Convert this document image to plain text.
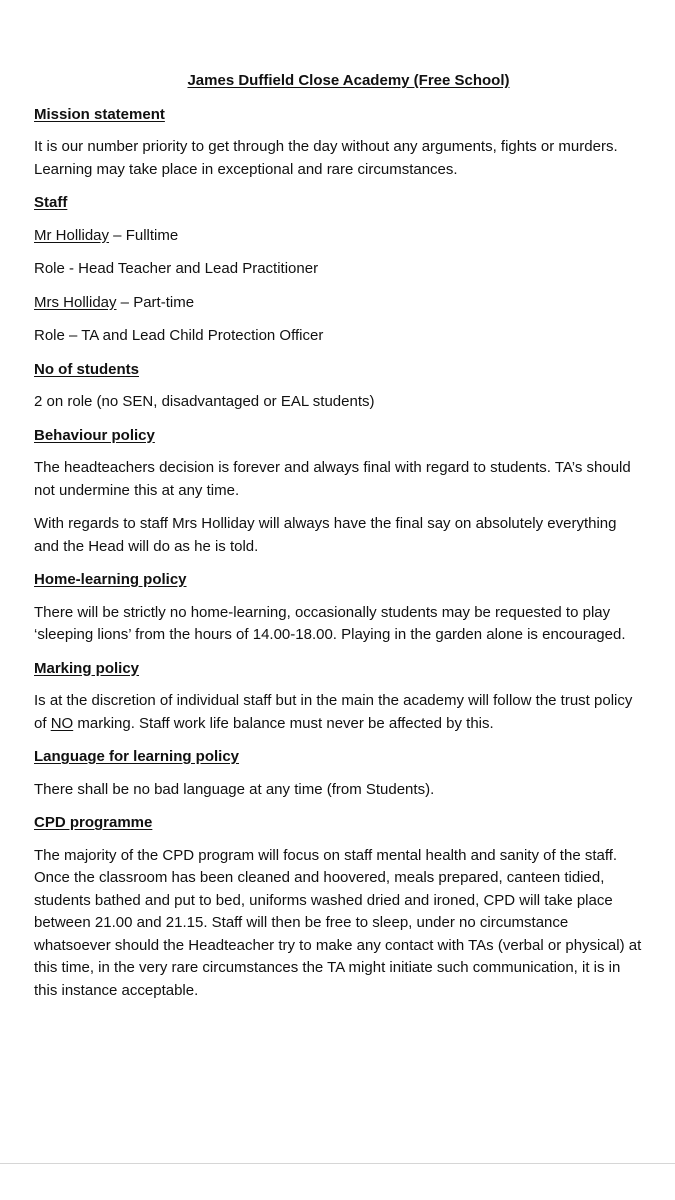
James Duffield Close Academy (Free School)
Mission statement
It is our number priority to get through the day without any arguments, fights or murders.
Learning may take place in exceptional and rare circumstances.
Staff
Mr Holliday – Fulltime
Role - Head Teacher and Lead Practitioner
Mrs Holliday – Part-time
Role – TA and Lead Child Protection Officer
No of students
2 on role (no SEN, disadvantaged or EAL students)
Behaviour policy
The headteachers decision is forever and always final with regard to students. TA’s should
not undermine this at any time.
With regards to staff Mrs Holliday will always have the final say on absolutely everything
and the Head will do as he is told.
Home-learning policy
There will be strictly no home-learning, occasionally students may be requested to play
‘sleeping lions’ from the hours of 14.00-18.00. Playing in the garden alone is encouraged.
Marking policy
Is at the discretion of individual staff but in the main the academy will follow the trust policy
of NO marking. Staff work life balance must never be affected by this.
Language for learning policy
There shall be no bad language at any time (from Students).
CPD programme
The majority of the CPD program will focus on staff mental health and sanity of the staff.
Once the classroom has been cleaned and hoovered, meals prepared, canteen tidied,
students bathed and put to bed, uniforms washed dried and ironed, CPD will take place
between 21.00 and 21.15. Staff will then be free to sleep, under no circumstance
whatsoever should the Headteacher try to make any contact with TAs (verbal or physical) at
this time, in the very rare circumstances the TA might initiate such communication, it is in
this instance acceptable.
